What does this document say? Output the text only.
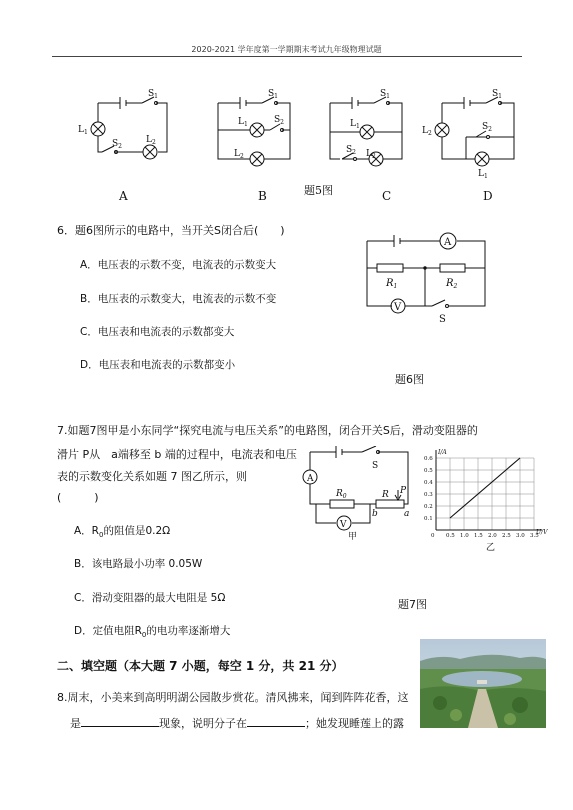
2020-2021 学年度第一学期期末考试九年级物理试题
$S_1$
$L_1$
$S_2$
$L_2$
$S_1$
$L_1$	$S_2$
$L_2$
$S_1$
$L_1$
$S_2$ $L_2$
$S_1$
$L_2$
$S_2$
$L_1$
A	B	C	D
题5图
6．题6图所示的电路中，当开关S闭合后(　　)
A．电压表的示数不变，电流表的示数变大
B．电压表的示数变大，电流表的示数不变
C．电压表和电流表的示数都变大
D．电压表和电流表的示数都变小
A
V
$R_1$	$R_2$
S
题6图
7.如题7图甲是小东同学“探究电流与电压关系”的电路图，闭合开关S后，滑动变阻器的
滑片 P从　a端移至 b 端的过程中，电流表和电压
表的示数变化关系如题 7 图乙所示，则
(　　　)
A．$R_0$的阻值是0.2Ω
B．该电路最小功率 0.05W
C．滑动变阻器的最大电阻是 5Ω
D．定值电阻$R_0$的电功率逐渐增大
A
V
S
$R_0$
P
b	a
R
甲	0.5 1.0 1.5 2.0 2.5 3.0 3.5
0.1
0.2
0.3
0.4
0.5
0.6
I/A
U/V
0
乙
题7图
二、填空题（本大题 7 小题，每空 1 分，共 21 分）
8.周末，小美来到高明明湖公园散步赏花。清风拂来，闻到阵阵花香，这
是	现象，说明分子在	；她发现睡莲上的露
